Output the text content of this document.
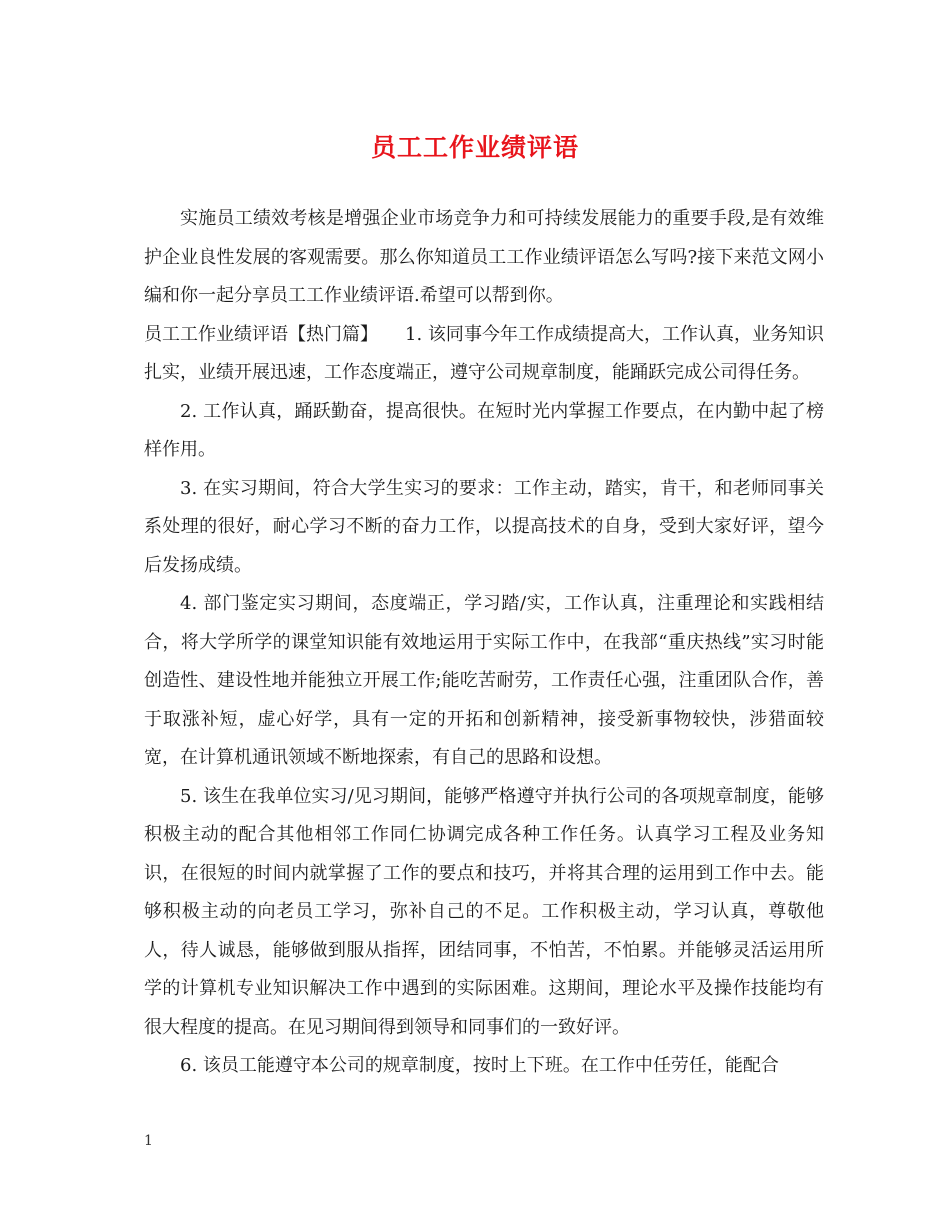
员工工作业绩评语

实施员工绩效考核是增强企业市场竞争力和可持续发展能力的重要手段,是有效维护企业良性发展的客观需要。那么你知道员工工作业绩评语怎么写吗?接下来范文网小编和你一起分享员工工作业绩评语.希望可以帮到你。

员工工作业绩评语【热门篇】　　1. 该同事今年工作成绩提高大，工作认真，业务知识扎实，业绩开展迅速，工作态度端正，遵守公司规章制度，能踊跃完成公司得任务。

2. 工作认真，踊跃勤奋，提高很快。在短时光内掌握工作要点，在内勤中起了榜样作用。

3. 在实习期间，符合大学生实习的要求：工作主动，踏实，肯干，和老师同事关系处理的很好，耐心学习不断的奋力工作，以提高技术的自身，受到大家好评，望今后发扬成绩。

4. 部门鉴定实习期间，态度端正，学习踏/实，工作认真，注重理论和实践相结合，将大学所学的课堂知识能有效地运用于实际工作中，在我部“重庆热线”实习时能创造性、建设性地并能独立开展工作;能吃苦耐劳，工作责任心强，注重团队合作，善于取涨补短，虚心好学，具有一定的开拓和创新精神，接受新事物较快，涉猎面较宽，在计算机通讯领域不断地探索，有自己的思路和设想。

5. 该生在我单位实习/见习期间，能够严格遵守并执行公司的各项规章制度，能够积极主动的配合其他相邻工作同仁协调完成各种工作任务。认真学习工程及业务知识，在很短的时间内就掌握了工作的要点和技巧，并将其合理的运用到工作中去。能够积极主动的向老员工学习，弥补自己的不足。工作积极主动，学习认真，尊敬他人，待人诚恳，能够做到服从指挥，团结同事，不怕苦，不怕累。并能够灵活运用所学的计算机专业知识解决工作中遇到的实际困难。这期间，理论水平及操作技能均有很大程度的提高。在见习期间得到领导和同事们的一致好评。

6. 该员工能遵守本公司的规章制度，按时上下班。在工作中任劳任，能配合

1
